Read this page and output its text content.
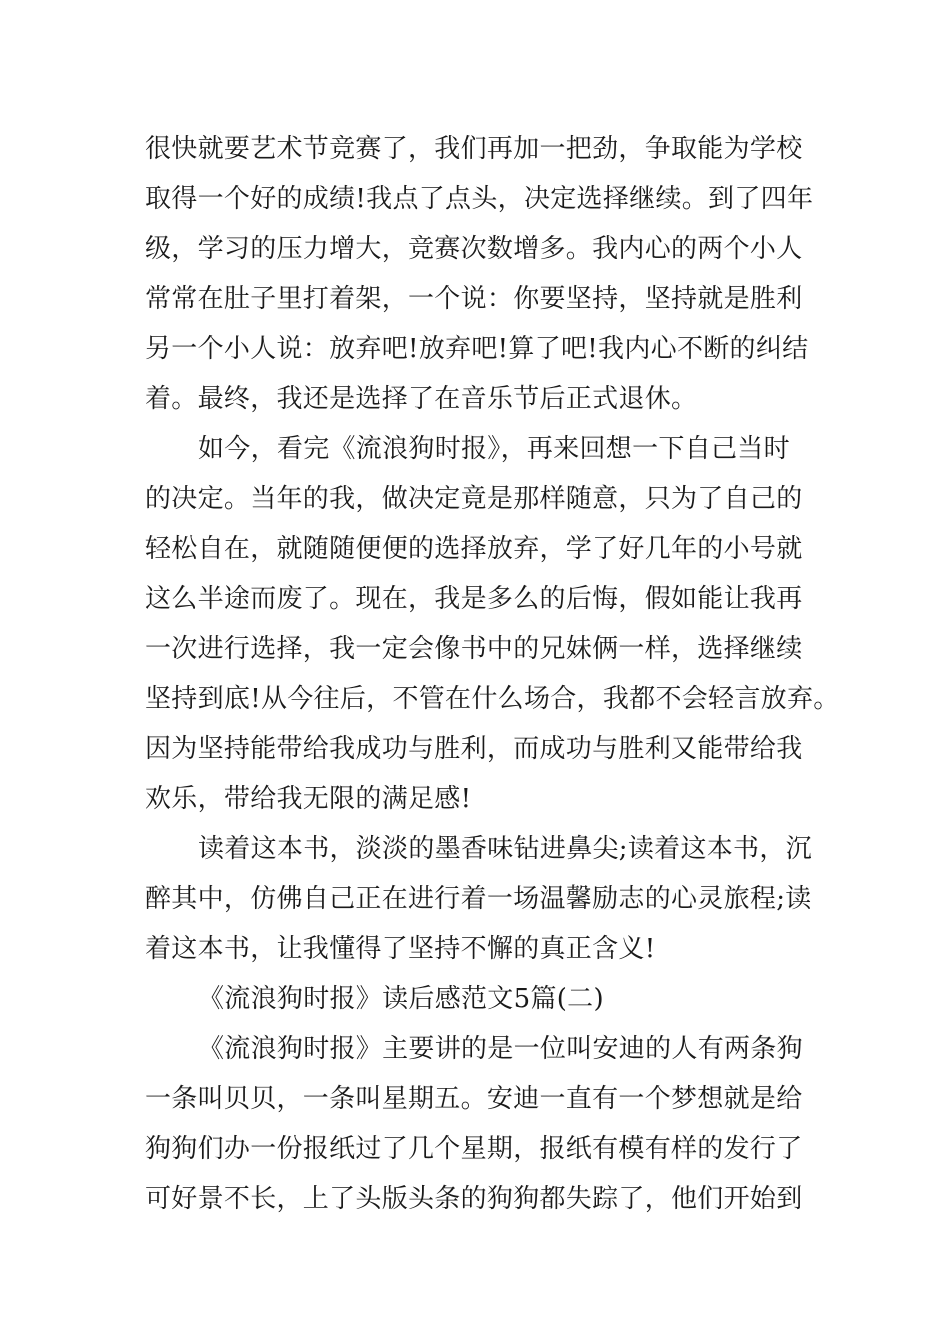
很快就要艺术节竞赛了，我们再加一把劲，争取能为学校
取得一个好的成绩!我点了点头，决定选择继续。到了四年
级，学习的压力增大，竞赛次数增多。我内心的两个小人
常常在肚子里打着架，一个说：你要坚持，坚持就是胜利
另一个小人说：放弃吧!放弃吧!算了吧!我内心不断的纠结
着。最终，我还是选择了在音乐节后正式退休。
如今，看完《流浪狗时报》，再来回想一下自己当时
的决定。当年的我，做决定竟是那样随意，只为了自己的
轻松自在，就随随便便的选择放弃，学了好几年的小号就
这么半途而废了。现在，我是多么的后悔，假如能让我再
一次进行选择，我一定会像书中的兄妹俩一样，选择继续
坚持到底!从今往后，不管在什么场合，我都不会轻言放弃。
因为坚持能带给我成功与胜利，而成功与胜利又能带给我
欢乐，带给我无限的满足感!
读着这本书，淡淡的墨香味钻进鼻尖;读着这本书，沉
醉其中，仿佛自己正在进行着一场温馨励志的心灵旅程;读
着这本书，让我懂得了坚持不懈的真正含义!
《流浪狗时报》读后感范文5篇(二)
《流浪狗时报》主要讲的是一位叫安迪的人有两条狗
一条叫贝贝，一条叫星期五。安迪一直有一个梦想就是给
狗狗们办一份报纸过了几个星期，报纸有模有样的发行了
可好景不长，上了头版头条的狗狗都失踪了，他们开始到
